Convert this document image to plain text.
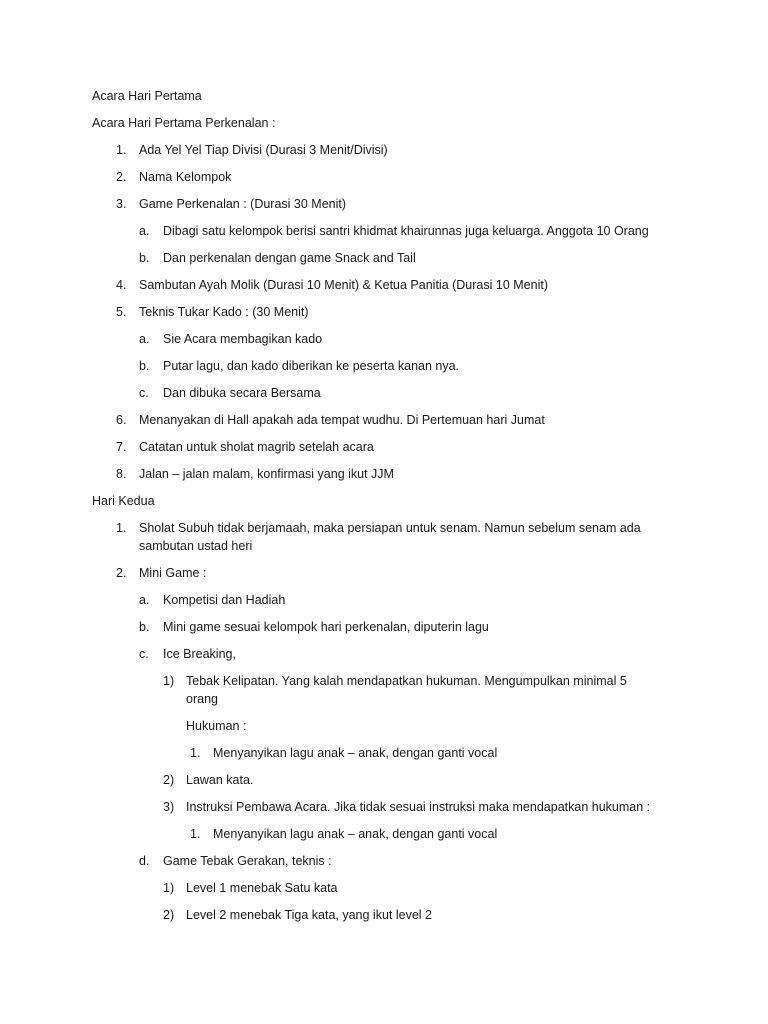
Acara Hari Pertama
Acara Hari Pertama Perkenalan :
1. Ada Yel Yel Tiap Divisi (Durasi 3 Menit/Divisi)
2. Nama Kelompok
3. Game Perkenalan : (Durasi 30 Menit)
a. Dibagi satu kelompok berisi santri khidmat khairunnas juga keluarga. Anggota 10 Orang
b. Dan perkenalan dengan game Snack and Tail
4. Sambutan Ayah Molik (Durasi 10 Menit) & Ketua Panitia (Durasi 10 Menit)
5. Teknis Tukar Kado : (30 Menit)
a. Sie Acara membagikan kado
b. Putar lagu, dan kado diberikan ke peserta kanan nya.
c. Dan dibuka secara Bersama
6. Menanyakan di Hall apakah ada tempat wudhu. Di Pertemuan hari Jumat
7. Catatan untuk sholat magrib setelah acara
8. Jalan – jalan malam, konfirmasi yang ikut JJM
Hari Kedua
1. Sholat Subuh tidak berjamaah, maka persiapan untuk senam. Namun sebelum senam ada
sambutan ustad heri
2. Mini Game :
a. Kompetisi dan Hadiah
b. Mini game sesuai kelompok hari perkenalan, diputerin lagu
c. Ice Breaking,
1) Tebak Kelipatan. Yang kalah mendapatkan hukuman. Mengumpulkan minimal 5
orang
Hukuman :
1. Menyanyikan lagu anak – anak, dengan ganti vocal
2) Lawan kata.
3) Instruksi Pembawa Acara. Jika tidak sesuai instruksi maka mendapatkan hukuman :
1. Menyanyikan lagu anak – anak, dengan ganti vocal
d. Game Tebak Gerakan, teknis :
1) Level 1 menebak Satu kata
2) Level 2 menebak Tiga kata, yang ikut level 2
